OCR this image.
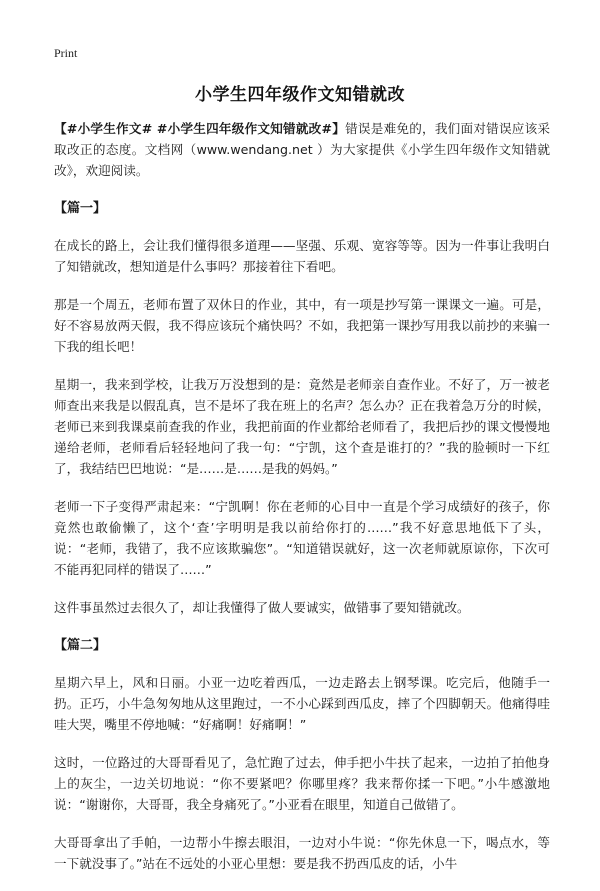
Print
小学生四年级作文知错就改

【#小学生作文# #小学生四年级作文知错就改#】错误是难免的，我们面对错误应该采取改正的态度。文档网（www.wendang.net ）为大家提供《小学生四年级作文知错就改》，欢迎阅读。

【篇一】

在成长的路上，会让我们懂得很多道理——坚强、乐观、宽容等等。因为一件事让我明白了知错就改，想知道是什么事吗？那接着往下看吧。

那是一个周五，老师布置了双休日的作业，其中，有一项是抄写第一课课文一遍。可是，好不容易放两天假，我不得应该玩个痛快吗？不如，我把第一课抄写用我以前抄的来骗一下我的组长吧！

星期一，我来到学校，让我万万没想到的是：竟然是老师亲自查作业。不好了，万一被老师查出来我是以假乱真，岂不是坏了我在班上的名声？怎么办？正在我着急万分的时候，老师已来到我课桌前查我的作业，我把前面的作业都给老师看了，我把后抄的课文慢慢地递给老师，老师看后轻轻地问了我一句：“宁凯，这个查是谁打的？”我的脸顿时一下红了，我结结巴巴地说：“是……是……是我的妈妈。”

老师一下子变得严肃起来：“宁凯啊！你在老师的心目中一直是个学习成绩好的孩子，你竟然也敢偷懒了，这个‘查’字明明是我以前给你打的……”我不好意思地低下了头，说：“老师，我错了，我不应该欺骗您”。“知道错误就好，这一次老师就原谅你，下次可不能再犯同样的错误了……”

这件事虽然过去很久了，却让我懂得了做人要诚实，做错事了要知错就改。

【篇二】

星期六早上，风和日丽。小亚一边吃着西瓜，一边走路去上钢琴课。吃完后，他随手一扔。正巧，小牛急匆匆地从这里跑过，一不小心踩到西瓜皮，摔了个四脚朝天。他痛得哇哇大哭，嘴里不停地喊：“好痛啊！好痛啊！”

这时，一位路过的大哥哥看见了，急忙跑了过去，伸手把小牛扶了起来，一边拍了拍他身上的灰尘，一边关切地说：“你不要紧吧？你哪里疼？我来帮你揉一下吧。”小牛感激地说：“谢谢你，大哥哥，我全身痛死了。”小亚看在眼里，知道自己做错了。

大哥哥拿出了手帕，一边帮小牛擦去眼泪，一边对小牛说：“你先休息一下，喝点水，等一下就没事了。”站在不远处的小亚心里想：要是我不扔西瓜皮的话，小牛
